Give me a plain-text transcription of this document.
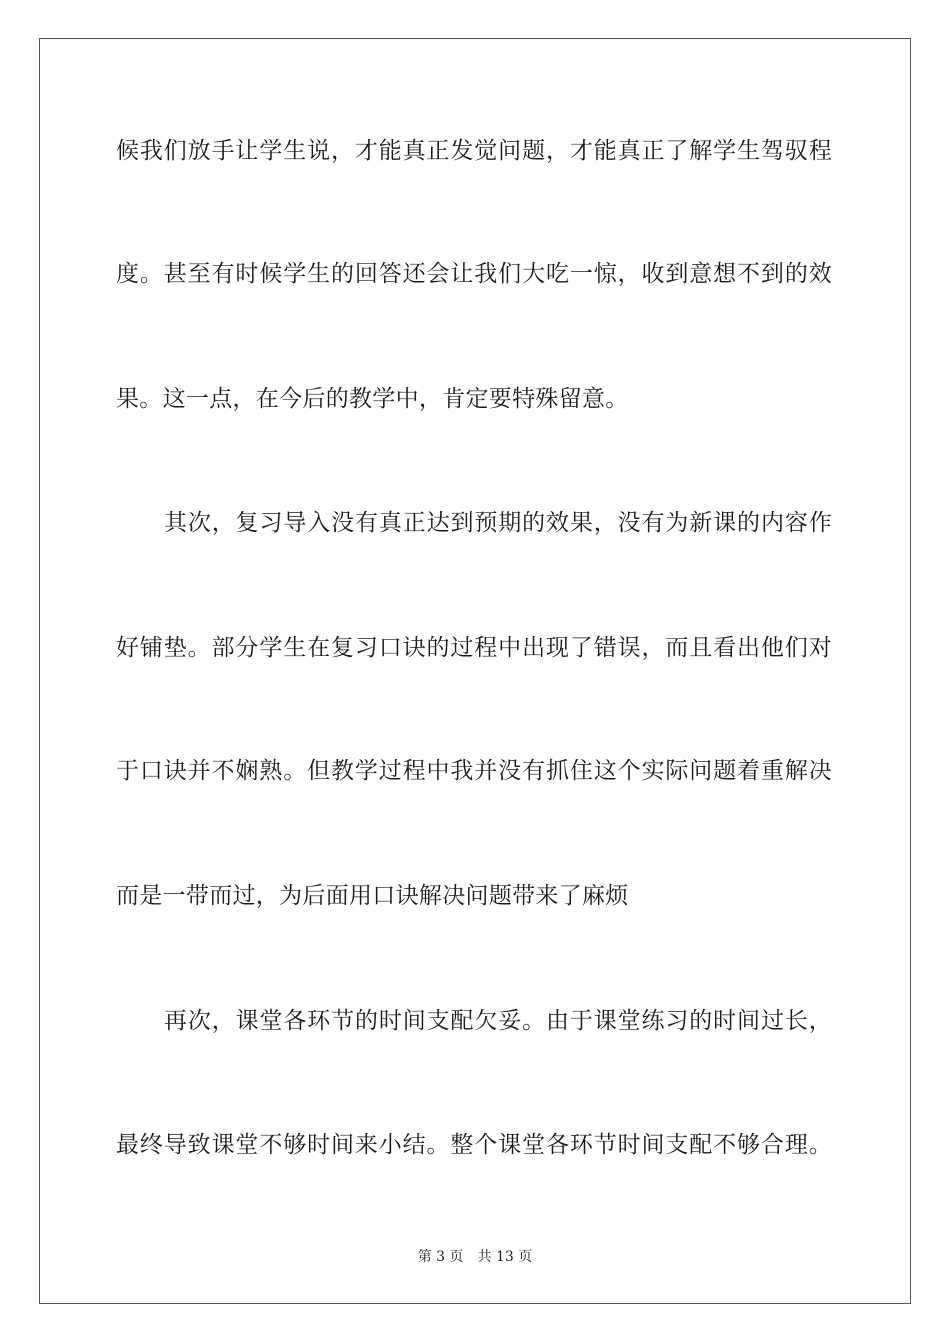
候我们放手让学生说，才能真正发觉问题，才能真正了解学生驾驭程
度。甚至有时候学生的回答还会让我们大吃一惊，收到意想不到的效
果。这一点，在今后的教学中，肯定要特殊留意。
其次，复习导入没有真正达到预期的效果，没有为新课的内容作
好铺垫。部分学生在复习口诀的过程中出现了错误，而且看出他们对
于口诀并不娴熟。但教学过程中我并没有抓住这个实际问题着重解决
而是一带而过，为后面用口诀解决问题带来了麻烦
再次，课堂各环节的时间支配欠妥。由于课堂练习的时间过长，
最终导致课堂不够时间来小结。整个课堂各环节时间支配不够合理。
第 3 页 共 13 页
